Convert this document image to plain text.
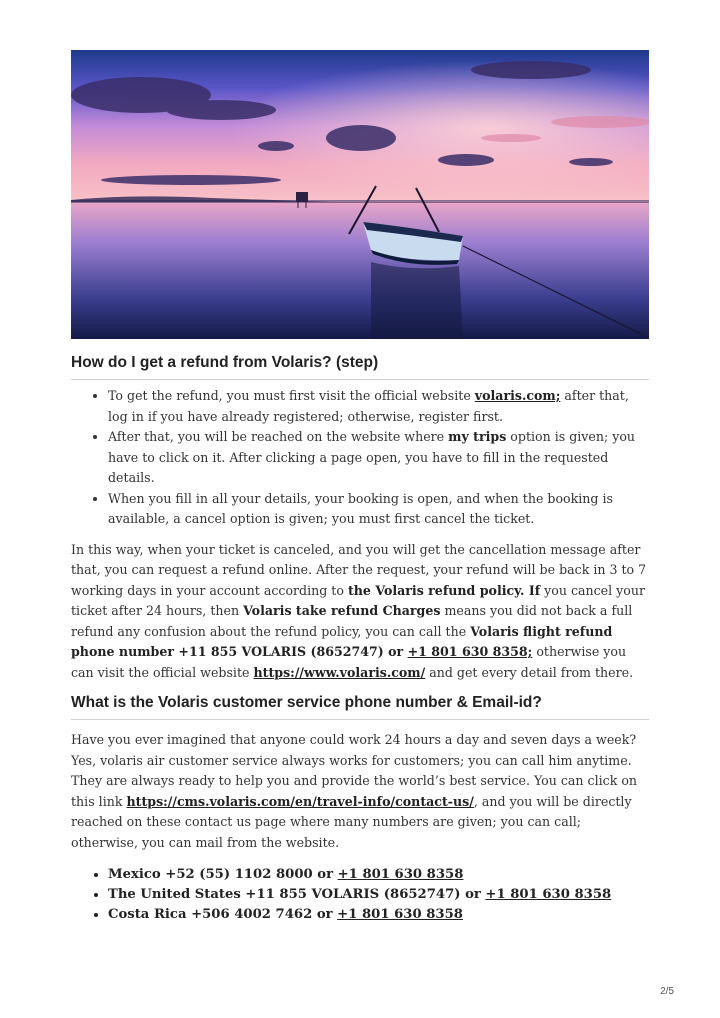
How do I get a refund from Volaris? (step)
• To get the refund, you must first visit the official website volaris.com; after that, log in if you have already registered; otherwise, register first.
• After that, you will be reached on the website where my trips option is given; you have to click on it. After clicking a page open, you have to fill in the requested details.
• When you fill in all your details, your booking is open, and when the booking is available, a cancel option is given; you must first cancel the ticket.

In this way, when your ticket is canceled, and you will get the cancellation message after that, you can request a refund online. After the request, your refund will be back in 3 to 7 working days in your account according to the Volaris refund policy. If you cancel your ticket after 24 hours, then Volaris take refund Charges means you did not back a full refund any confusion about the refund policy, you can call the Volaris flight refund phone number +11 855 VOLARIS (8652747) or +1 801 630 8358; otherwise you can visit the official website https://www.volaris.com/ and get every detail from there.

What is the Volaris customer service phone number & Email-id?

Have you ever imagined that anyone could work 24 hours a day and seven days a week? Yes, volaris air customer service always works for customers; you can call him anytime. They are always ready to help you and provide the world’s best service. You can click on this link https://cms.volaris.com/en/travel-info/contact-us/, and you will be directly reached on these contact us page where many numbers are given; you can call; otherwise, you can mail from the website.

• Mexico +52 (55) 1102 8000 or +1 801 630 8358
• The United States +11 855 VOLARIS (8652747) or +1 801 630 8358
• Costa Rica +506 4002 7462 or +1 801 630 8358
2/5
